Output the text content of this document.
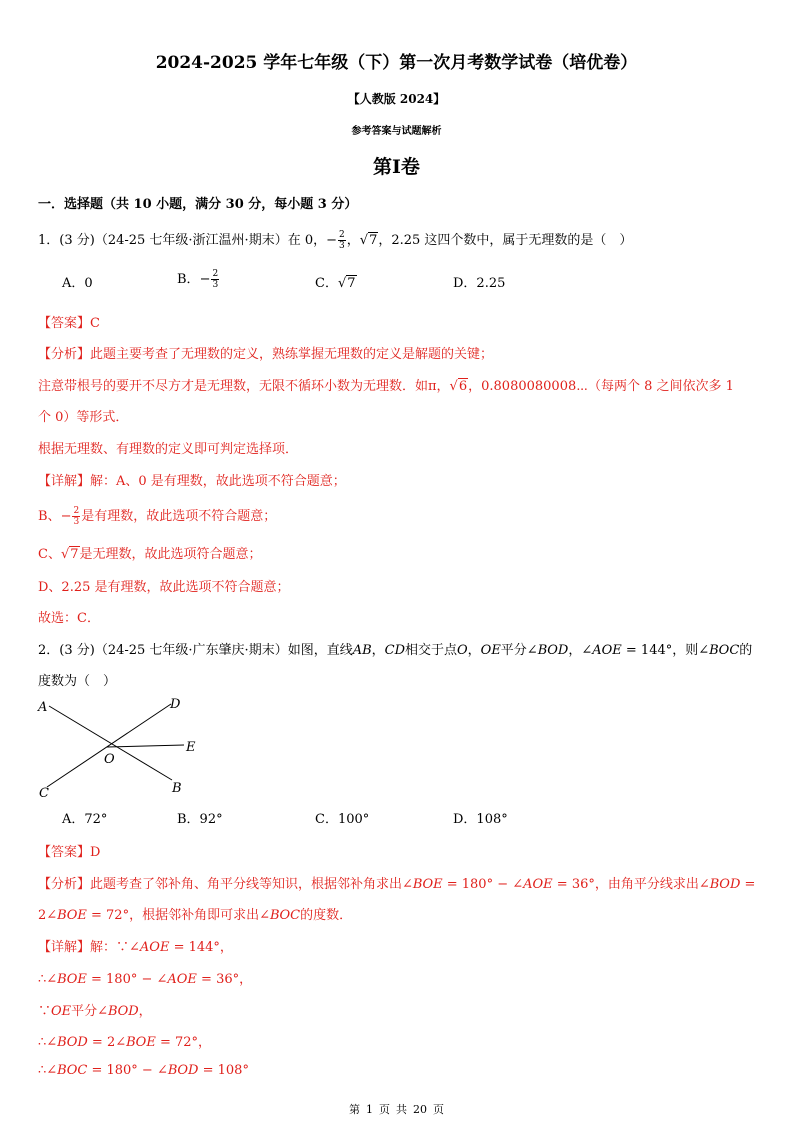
2024-2025 学年七年级（下）第一次月考数学试卷（培优卷）
【人教版 2024】
参考答案与试题解析
第Ⅰ卷
一．选择题（共 10 小题，满分 30 分，每小题 3 分）
1．(3 分)（24-25 七年级·浙江温州·期末）在 0，− $\frac{2}{3}$ ，√7，2.25 这四个数中，属于无理数的是（　）
A．0	B．− $\frac{2}{3}$	C．√7	D．2.25
【答案】C
【分析】此题主要考查了无理数的定义，熟练掌握无理数的定义是解题的关键；
注意带根号的要开不尽方才是无理数，无限不循环小数为无理数．如π，√6，0.8080080008⋯（每两个 8 之间依次多 1
个 0）等形式．
根据无理数、有理数的定义即可判定选择项．
【详解】解：A、0 是有理数，故此选项不符合题意；
B、− $\frac{2}{3}$ 是有理数，故此选项不符合题意；
C、√7是无理数，故此选项符合题意；
D、2.25 是有理数，故此选项不符合题意；
故选：C．
2．(3 分)（24-25 七年级·广东肇庆·期末）如图，直线𝐴𝐵，𝐶𝐷相交于点𝑂，𝑂𝐸平分∠𝐵𝑂𝐷，∠𝐴𝑂𝐸 = 144°，则∠𝐵𝑂𝐶的
度数为（　）
A	D
E
O
B
C
A．72°	B．92°	C．100°	D．108°
【答案】D
【分析】此题考查了邻补角、角平分线等知识，根据邻补角求出∠𝐵𝑂𝐸 = 180° − ∠𝐴𝑂𝐸 = 36°，由角平分线求出∠𝐵𝑂𝐷 =
2∠𝐵𝑂𝐸 = 72°，根据邻补角即可求出∠𝐵𝑂𝐶的度数．
【详解】解：∵∠𝐴𝑂𝐸 = 144°，
∴∠𝐵𝑂𝐸 = 180° − ∠𝐴𝑂𝐸 = 36°，
∵𝑂𝐸平分∠𝐵𝑂𝐷，
∴∠𝐵𝑂𝐷 = 2∠𝐵𝑂𝐸 = 72°，
∴∠𝐵𝑂𝐶 = 180° − ∠𝐵𝑂𝐷 = 108°
第 1 页 共 20 页
